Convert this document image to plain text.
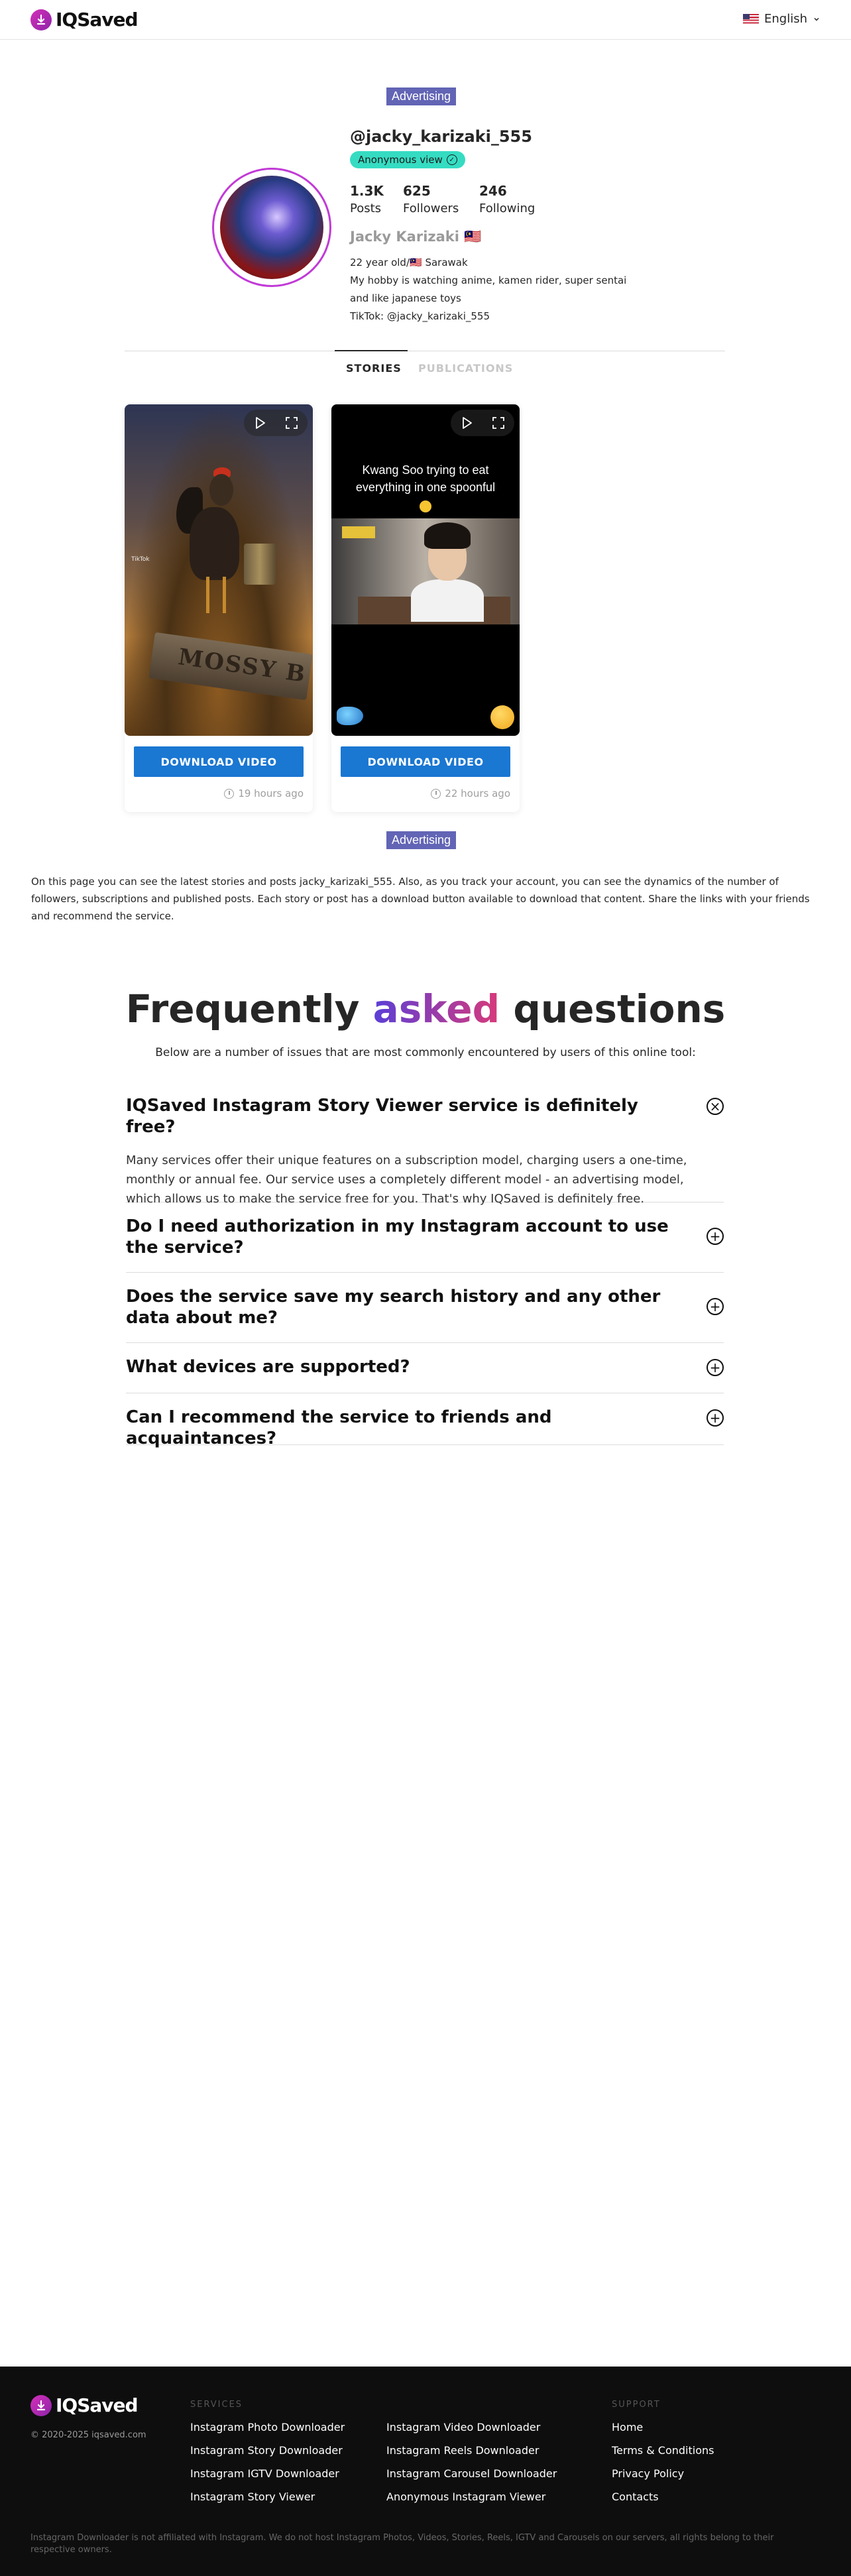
IQSaved	English
Advertising
@jacky_karizaki_555
Anonymous view ✓
1.3K
Posts
625
Followers
246
Following
Jacky Karizaki 🇲🇾
22 year old/🇲🇾 Sarawak
My hobby is watching anime, kamen rider, super sentai
and like japanese toys
TikTok: @jacky_karizaki_555
STORIES PUBLICATIONS
MOSSY B
TikTok
DOWNLOAD VIDEO
19 hours ago
Kwang Soo trying to eat everything in one spoonful
DOWNLOAD VIDEO
22 hours ago
Advertising
On this page you can see the latest stories and posts jacky_karizaki_555. Also, as you track your account, you can see the dynamics of the number of followers, subscriptions and published posts. Each story or post has a download button available to download that content. Share the links with your friends and recommend the service.
Frequently asked questions
Below are a number of issues that are most commonly encountered by users of this online tool:
IQSaved Instagram Story Viewer service is definitely free?
×
Many services offer their unique features on a subscription model, charging users a one-time, monthly or annual fee. Our service uses a completely different model - an advertising model, which allows us to make the service free for you. That's why IQSaved is definitely free.
Do I need authorization in my Instagram account to use the service?
+
Does the service save my search history and any other data about me?
+
What devices are supported?	+
Can I recommend the service to friends and acquaintances?
+
IQSaved
© 2020-2025 iqsaved.com
SERVICES
Instagram Photo Downloader
Instagram Story Downloader
Instagram IGTV Downloader
Instagram Story Viewer
Instagram Video Downloader
Instagram Reels Downloader
Instagram Carousel Downloader
Anonymous Instagram Viewer
SUPPORT
Home
Terms & Conditions
Privacy Policy
Contacts
Instagram Downloader is not affiliated with Instagram. We do not host Instagram Photos, Videos, Stories, Reels, IGTV and Carousels on our servers, all rights belong to their respective owners.
